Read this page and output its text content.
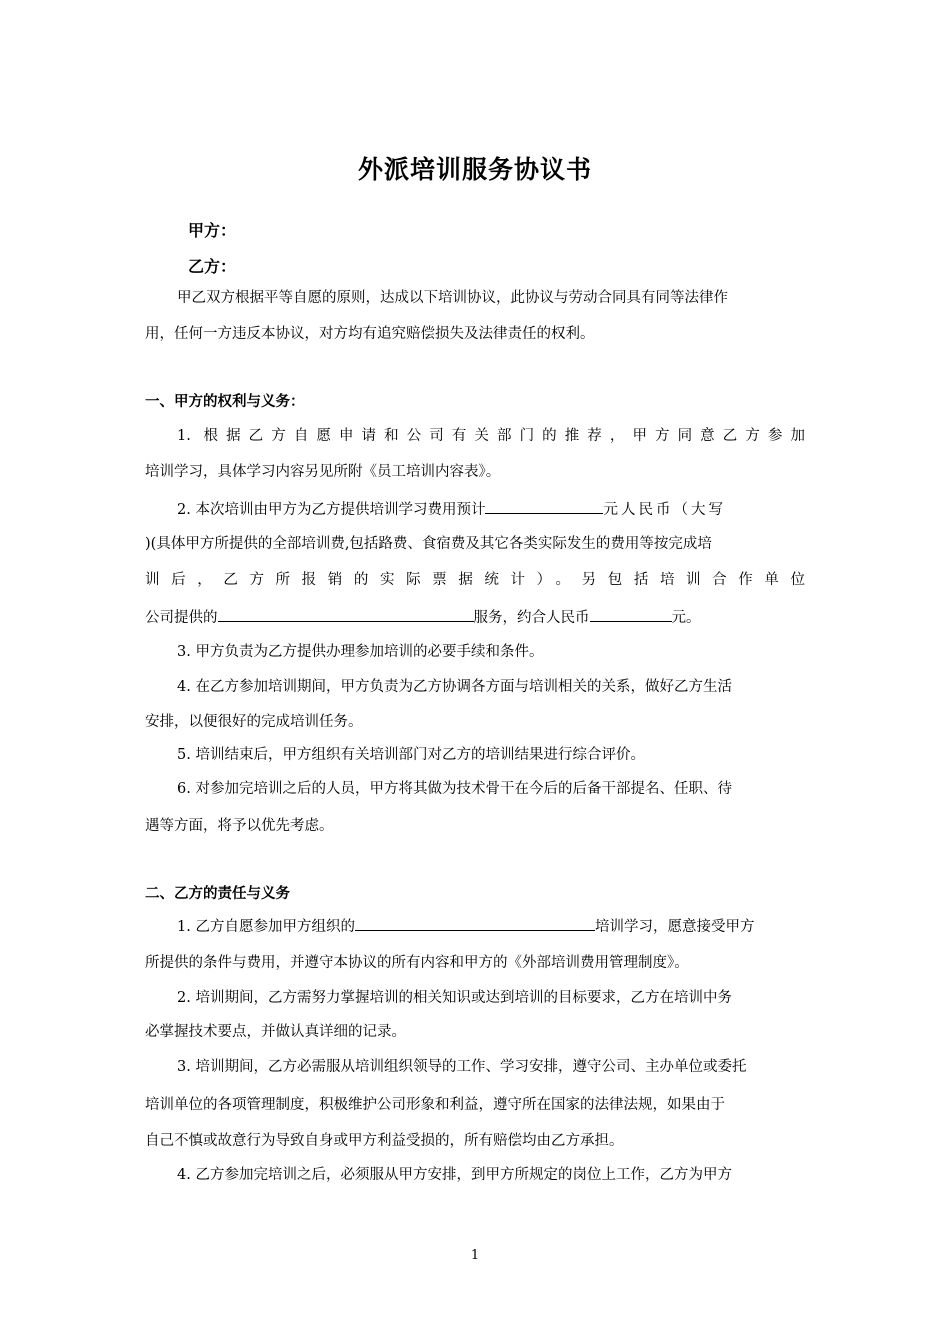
外派培训服务协议书
甲方：
乙方：
甲乙双方根据平等自愿的原则，达成以下培训协议，此协议与劳动合同具有同等法律作
用，任何一方违反本协议，对方均有追究赔偿损失及法律责任的权利。
一、甲方的权利与义务：
1. 根据乙方自愿申请和公司有关部门的推荐，甲方同意乙方参加
培训学习，具体学习内容另见所附《员工培训内容表》。
2. 本次培训由甲方为乙方提供培训学习费用预计	元人民币（大写
)(具体甲方所提供的全部培训费,包括路费、食宿费及其它各类实际发生的费用等按完成培
训后，乙方所报销的实际票据统计）。另包括培训合作单位
公司提供的	服务，约合人民币	元。
3. 甲方负责为乙方提供办理参加培训的必要手续和条件。
4. 在乙方参加培训期间，甲方负责为乙方协调各方面与培训相关的关系，做好乙方生活
安排，以便很好的完成培训任务。
5. 培训结束后，甲方组织有关培训部门对乙方的培训结果进行综合评价。
6. 对参加完培训之后的人员，甲方将其做为技术骨干在今后的后备干部提名、任职、待
遇等方面，将予以优先考虑。
二、乙方的责任与义务
1. 乙方自愿参加甲方组织的	培训学习，愿意接受甲方
所提供的条件与费用，并遵守本协议的所有内容和甲方的《外部培训费用管理制度》。
2. 培训期间，乙方需努力掌握培训的相关知识或达到培训的目标要求，乙方在培训中务
必掌握技术要点，并做认真详细的记录。
3. 培训期间，乙方必需服从培训组织领导的工作、学习安排，遵守公司、主办单位或委托
培训单位的各项管理制度，积极维护公司形象和利益，遵守所在国家的法律法规，如果由于
自己不慎或故意行为导致自身或甲方利益受损的，所有赔偿均由乙方承担。
4. 乙方参加完培训之后，必须服从甲方安排，到甲方所规定的岗位上工作，乙方为甲方
1
